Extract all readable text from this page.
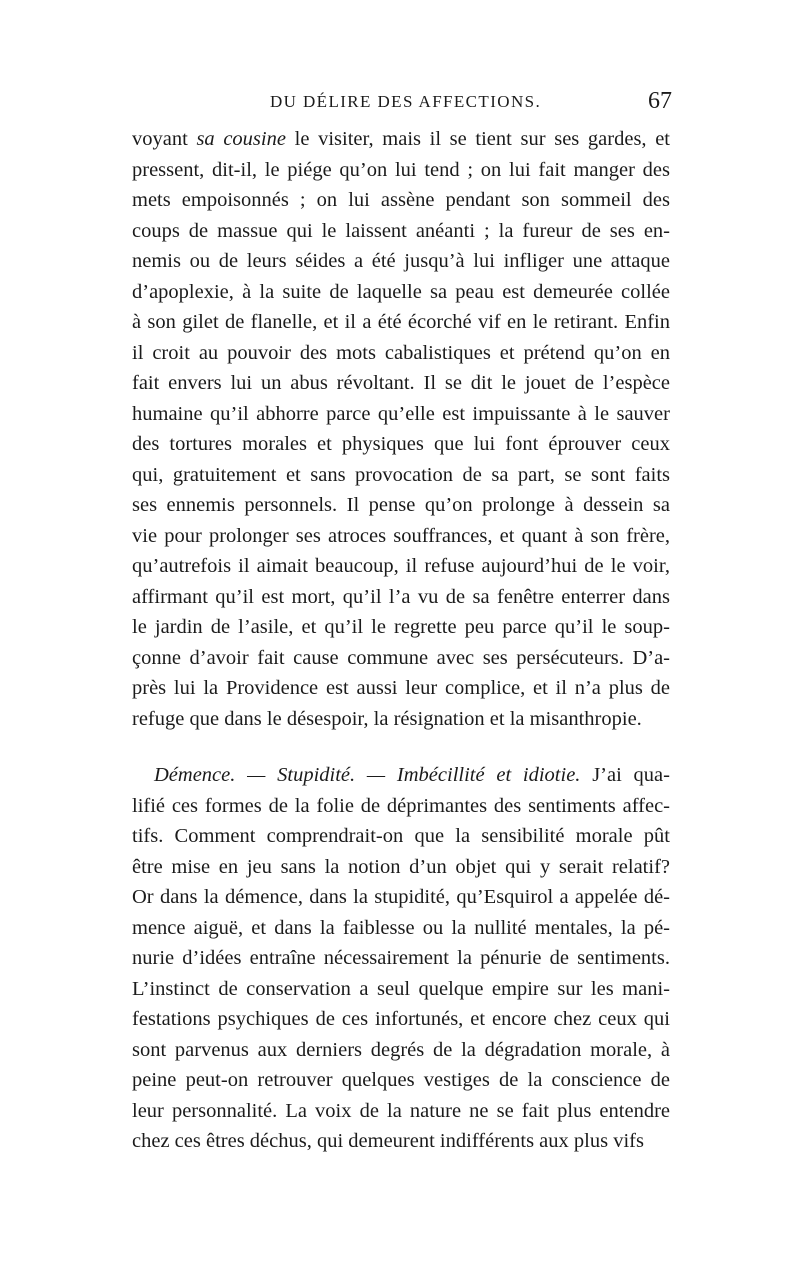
DU DÉLIRE DES AFFECTIONS.	67
voyant sa cousine le visiter, mais il se tient sur ses gardes, et
pressent, dit-il, le piége qu’on lui tend ; on lui fait manger des
mets empoisonnés ; on lui assène pendant son sommeil des
coups de massue qui le laissent anéanti ; la fureur de ses en-
nemis ou de leurs séides a été jusqu’à lui infliger une attaque
d’apoplexie, à la suite de laquelle sa peau est demeurée collée
à son gilet de flanelle, et il a été écorché vif en le retirant. Enfin
il croit au pouvoir des mots cabalistiques et prétend qu’on en
fait envers lui un abus révoltant. Il se dit le jouet de l’espèce
humaine qu’il abhorre parce qu’elle est impuissante à le sauver
des tortures morales et physiques que lui font éprouver ceux
qui, gratuitement et sans provocation de sa part, se sont faits
ses ennemis personnels. Il pense qu’on prolonge à dessein sa
vie pour prolonger ses atroces souffrances, et quant à son frère,
qu’autrefois il aimait beaucoup, il refuse aujourd’hui de le voir,
affirmant qu’il est mort, qu’il l’a vu de sa fenêtre enterrer dans
le jardin de l’asile, et qu’il le regrette peu parce qu’il le soup-
çonne d’avoir fait cause commune avec ses persécuteurs. D’a-
près lui la Providence est aussi leur complice, et il n’a plus de
refuge que dans le désespoir, la résignation et la misanthropie.
Démence. — Stupidité. — Imbécillité et idiotie. J’ai qua-
lifié ces formes de la folie de déprimantes des sentiments affec-
tifs. Comment comprendrait-on que la sensibilité morale pût
être mise en jeu sans la notion d’un objet qui y serait relatif?
Or dans la démence, dans la stupidité, qu’Esquirol a appelée dé-
mence aiguë, et dans la faiblesse ou la nullité mentales, la pé-
nurie d’idées entraîne nécessairement la pénurie de sentiments.
L’instinct de conservation a seul quelque empire sur les mani-
festations psychiques de ces infortunés, et encore chez ceux qui
sont parvenus aux derniers degrés de la dégradation morale, à
peine peut-on retrouver quelques vestiges de la conscience de
leur personnalité. La voix de la nature ne se fait plus entendre
chez ces êtres déchus, qui demeurent indifférents aux plus vifs
